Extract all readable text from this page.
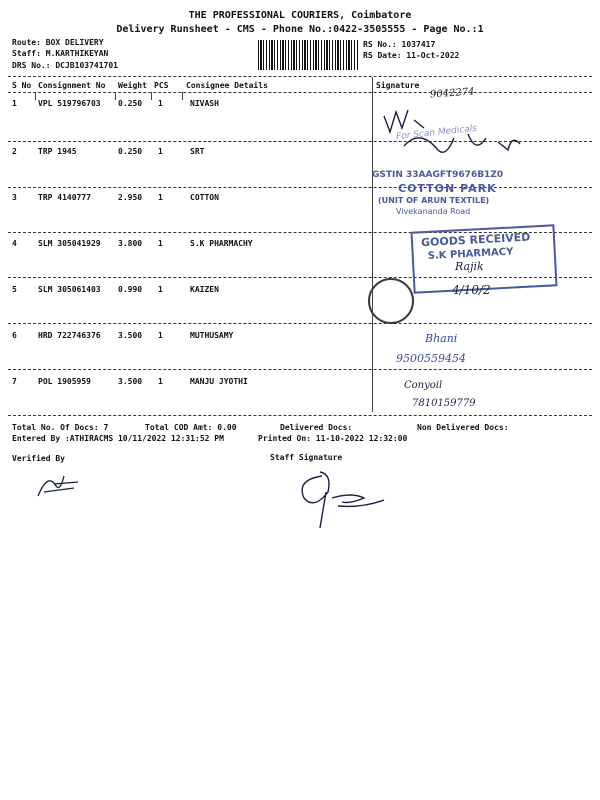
THE PROFESSIONAL COURIERS, Coimbatore
Delivery Runsheet - CMS - Phone No.:0422-3505555 - Page No.:1
Route: BOX DELIVERY
Staff: M.KARTHIKEYAN
DRS No.: DCJB103741701
RS No.: 1037417
RS Date: 11-Oct-2022
S No Consignment No Weight PCS Consignee Details	Signature
1	VPL 519796703 0.250 1	NIVASH
2	TRP 1945	0.250 1	SRT
3	TRP 4140777	2.950 1	COTTON
4	SLM 305041929 3.800 1	S.K PHARMACHY
5	SLM 305061403 0.990 1	KAIZEN
6	HRD 722746376 3.500 1	MUTHUSAMY
7	POL 1905959	3.500 1	MANJU JYOTHI
For Scan Medicals
GSTIN 33AAGFT9676B1Z0
COTTON PARK
(UNIT OF ARUN TEXTILE)
Vivekananda Road
GOODS RECEIVED
S.K PHARMACY
9042274
Rajik
4/10/2
Bhani
9500559454
Conyoil
7810159779
Total No. Of Docs: 7	Total COD Amt: 0.00	Delivered Docs:	Non Delivered Docs:
Entered By :ATHIRACMS 10/11/2022 12:31:52 PM	Printed On: 11-10-2022 12:32:00
Verified By	Staff Signature
